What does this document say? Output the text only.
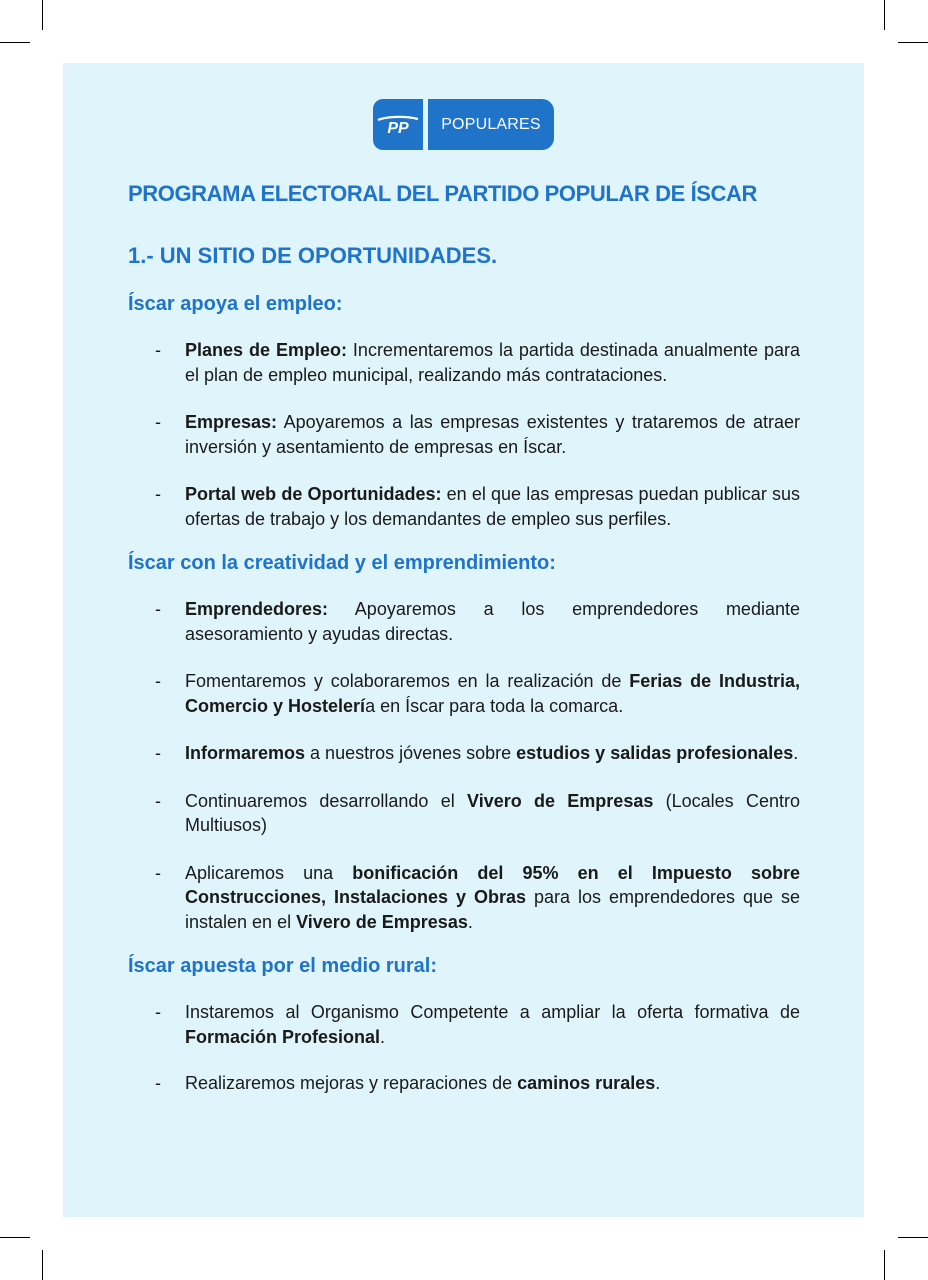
PP	POPULARES
PROGRAMA ELECTORAL DEL PARTIDO POPULAR DE ÍSCAR
1.- UN SITIO DE OPORTUNIDADES.
Íscar apoya el empleo:
- Planes de Empleo: Incrementaremos la partida destinada anualmente para el plan de empleo municipal, realizando más contrataciones.
- Empresas: Apoyaremos a las empresas existentes y trataremos de atraer inversión y asentamiento de empresas en Íscar.
- Portal web de Oportunidades: en el que las empresas puedan publicar sus ofertas de trabajo y los demandantes de empleo sus perfiles.
Íscar con la creatividad y el emprendimiento:
- Emprendedores: Apoyaremos a los emprendedores mediante asesoramiento y ayudas directas.
- Fomentaremos y colaboraremos en la realización de Ferias de Industria, Comercio y Hostelería en Íscar para toda la comarca.
- Informaremos a nuestros jóvenes sobre estudios y salidas profesionales.
- Continuaremos desarrollando el Vivero de Empresas (Locales Centro Multiusos)
- Aplicaremos una bonificación del 95% en el Impuesto sobre Construcciones, Instalaciones y Obras para los emprendedores que se instalen en el Vivero de Empresas.
Íscar apuesta por el medio rural:
- Instaremos al Organismo Competente a ampliar la oferta formativa de Formación Profesional.
- Realizaremos mejoras y reparaciones de caminos rurales.
